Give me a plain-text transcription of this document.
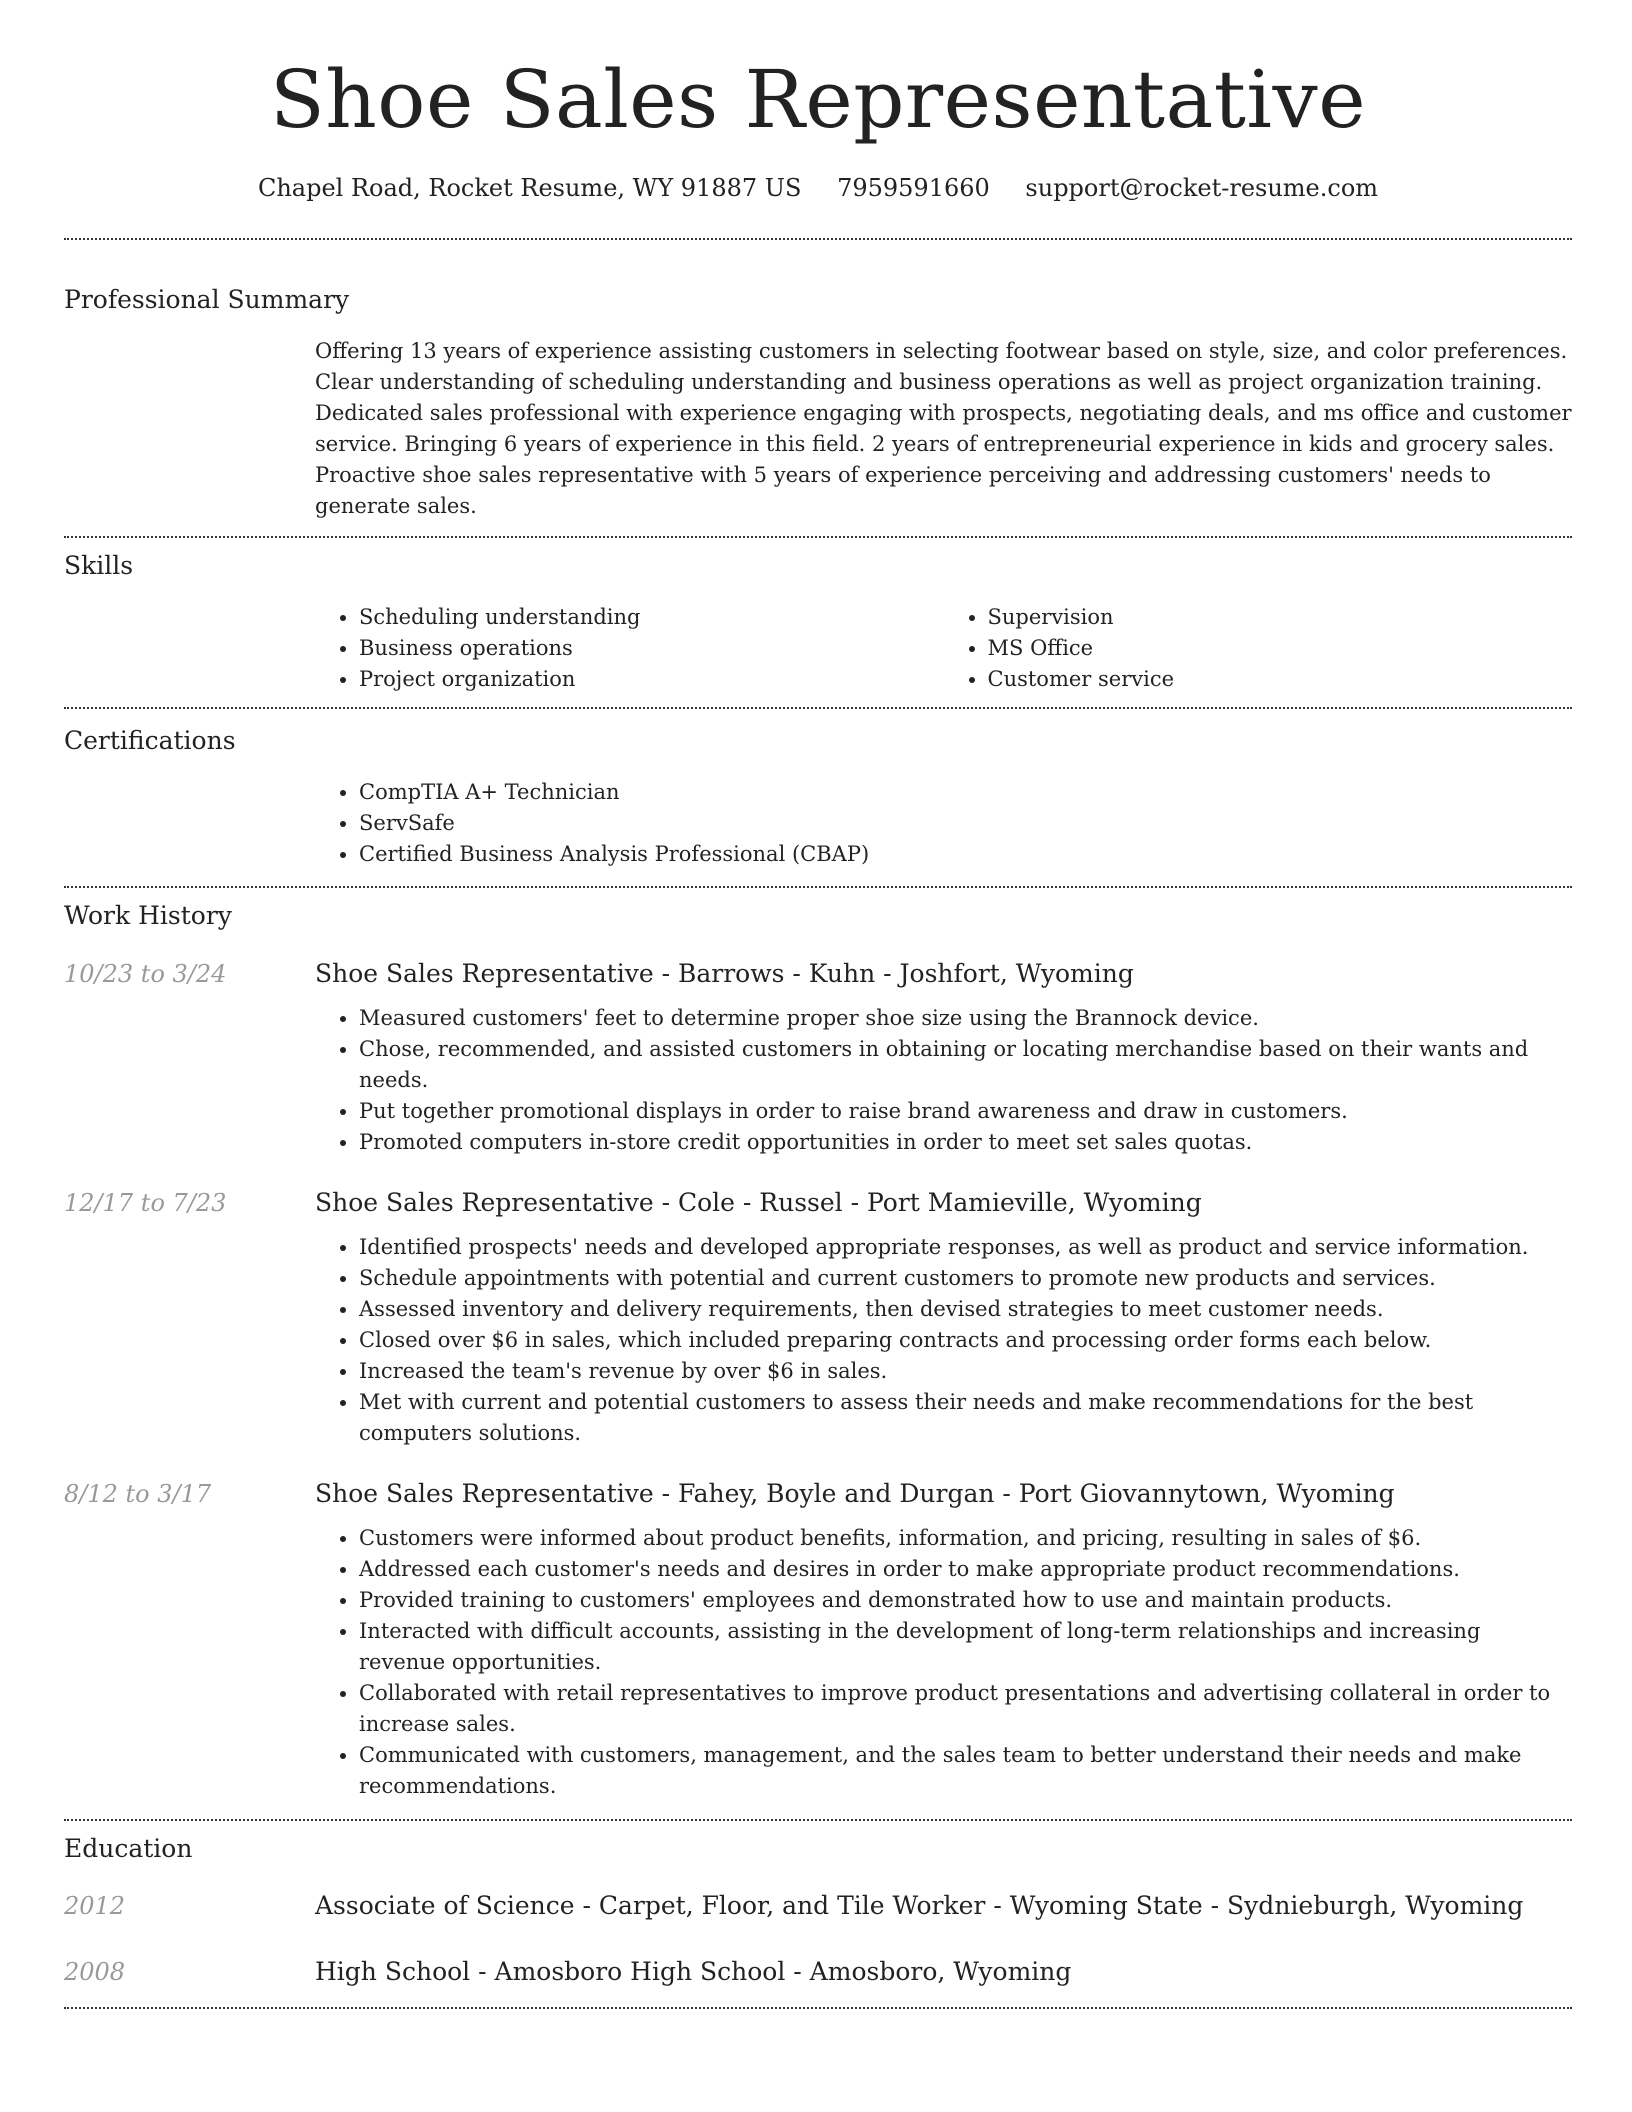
Shoe Sales Representative
Chapel Road, Rocket Resume, WY 91887 US 7959591660 support@rocket-resume.com
Professional Summary
Offering 13 years of experience assisting customers in selecting footwear based on style, size, and color preferences. Clear understanding of scheduling understanding and business operations as well as project organization training. Dedicated sales professional with experience engaging with prospects, negotiating deals, and ms office and customer service. Bringing 6 years of experience in this field. 2 years of entrepreneurial experience in kids and grocery sales. Proactive shoe sales representative with 5 years of experience perceiving and addressing customers' needs to generate sales.
Skills
• Scheduling understanding
• Business operations
• Project organization
• Supervision
• MS Office
• Customer service
Certifications
• CompTIA A+ Technician
• ServSafe
• Certified Business Analysis Professional (CBAP)
Work History
10/23 to 3/24	Shoe Sales Representative - Barrows - Kuhn - Joshfort, Wyoming
• Measured customers' feet to determine proper shoe size using the Brannock device.
• Chose, recommended, and assisted customers in obtaining or locating merchandise based on their wants and needs.
• Put together promotional displays in order to raise brand awareness and draw in customers.
• Promoted computers in-store credit opportunities in order to meet set sales quotas.
12/17 to 7/23	Shoe Sales Representative - Cole - Russel - Port Mamieville, Wyoming
• Identified prospects' needs and developed appropriate responses, as well as product and service information.
• Schedule appointments with potential and current customers to promote new products and services.
• Assessed inventory and delivery requirements, then devised strategies to meet customer needs.
• Closed over $6 in sales, which included preparing contracts and processing order forms each below.
• Increased the team's revenue by over $6 in sales.
• Met with current and potential customers to assess their needs and make recommendations for the best computers solutions.
8/12 to 3/17	Shoe Sales Representative - Fahey, Boyle and Durgan - Port Giovannytown, Wyoming
• Customers were informed about product benefits, information, and pricing, resulting in sales of $6.
• Addressed each customer's needs and desires in order to make appropriate product recommendations.
• Provided training to customers' employees and demonstrated how to use and maintain products.
• Interacted with difficult accounts, assisting in the development of long-term relationships and increasing revenue opportunities.
• Collaborated with retail representatives to improve product presentations and advertising collateral in order to increase sales.
• Communicated with customers, management, and the sales team to better understand their needs and make recommendations.
Education
2012	Associate of Science - Carpet, Floor, and Tile Worker - Wyoming State - Sydnieburgh, Wyoming
2008	High School - Amosboro High School - Amosboro, Wyoming
